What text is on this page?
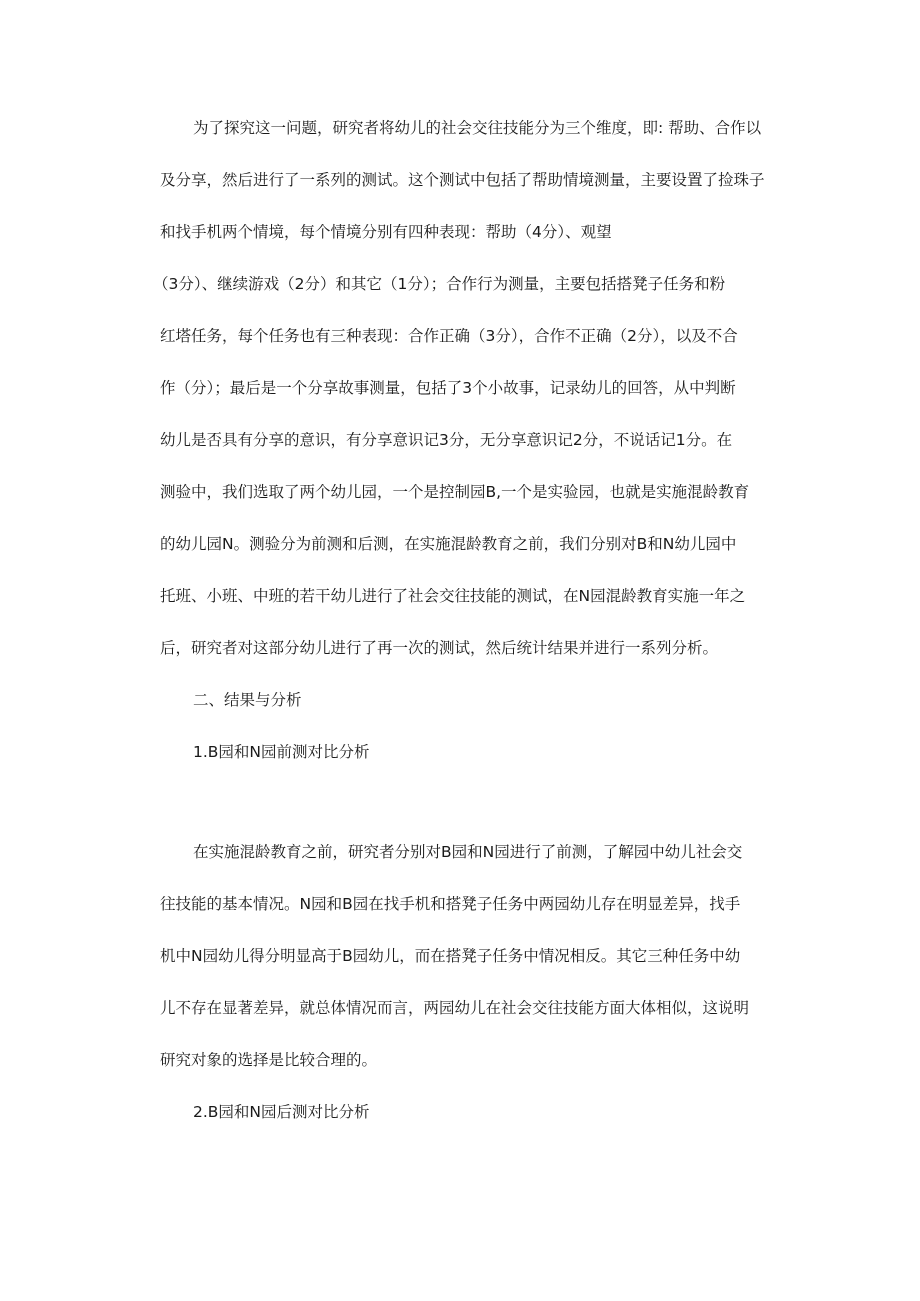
为了探究这一问题，研究者将幼儿的社会交往技能分为三个维度，即: 帮助、合作以
及分享，然后进行了一系列的测试。这个测试中包括了帮助情境测量，主要设置了捡珠子
和找手机两个情境，每个情境分别有四种表现：帮助（4分）、观望
（3分）、继续游戏（2分）和其它（1分）；合作行为测量，主要包括搭凳子任务和粉
红塔任务，每个任务也有三种表现：合作正确（3分），合作不正确（2分），以及不合
作（分）；最后是一个分享故事测量，包括了3个小故事，记录幼儿的回答，从中判断
幼儿是否具有分享的意识，有分享意识记3分，无分享意识记2分，不说话记1分。在
测验中，我们选取了两个幼儿园，一个是控制园B,一个是实验园，也就是实施混龄教育
的幼儿园N。测验分为前测和后测，在实施混龄教育之前，我们分别对B和N幼儿园中
托班、小班、中班的若干幼儿进行了社会交往技能的测试，在N园混龄教育实施一年之
后，研究者对这部分幼儿进行了再一次的测试，然后统计结果并进行一系列分析。
二、结果与分析
1.B园和N园前测对比分析
在实施混龄教育之前，研究者分别对B园和N园进行了前测，了解园中幼儿社会交
往技能的基本情况。N园和B园在找手机和搭凳子任务中两园幼儿存在明显差异，找手
机中N园幼儿得分明显高于B园幼儿，而在搭凳子任务中情况相反。其它三种任务中幼
儿不存在显著差异，就总体情况而言，两园幼儿在社会交往技能方面大体相似，这说明
研究对象的选择是比较合理的。
2.B园和N园后测对比分析
